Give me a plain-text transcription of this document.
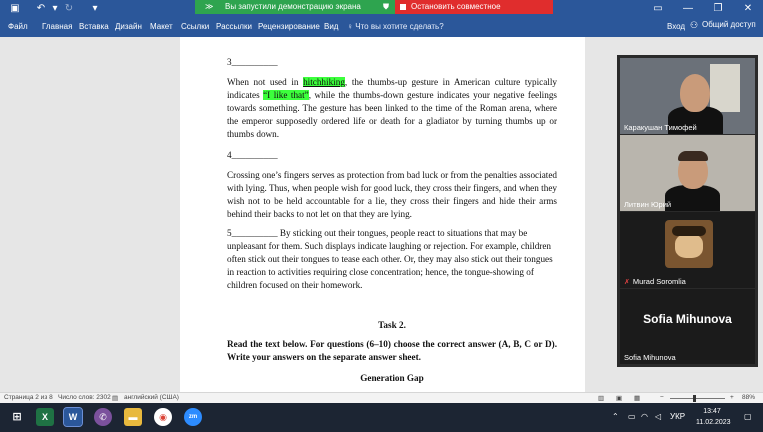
▣ ↶ ▾ ↻	▾	≫ Вы запустили демонстрацию экрана	⛊	Остановить совместное	▭	—	❐	✕
Файл Главная Вставка Дизайн Макет Ссылки Рассылки Рецензирование Вид ♀ Что вы хотите сделать?	Вход ⚇ Общий доступ
3__________
When not used in hitchhiking, the thumbs-up gesture in American culture typically indicates “I like that”, while the thumbs-down gesture indicates your negative feelings towards something. The gesture has been linked to the time of the Roman arena, where the emperor supposedly ordered life or death for a gladiator by turning thumbs up or thumbs down.
4__________
Crossing one’s fingers serves as protection from bad luck or from the penalties associated with lying. Thus, when people wish for good luck, they cross their fingers, and when they wish not to be held accountable for a lie, they cross their fingers and hide their arms behind their backs to not let on that they are lying.
5__________ By sticking out their tongues, people react to situations that may be unpleasant for them. Such displays indicate laughing or rejection. For example, children often stick out their tongues to tease each other. Or, they may also stick out their tongues in reaction to activities requiring close concentration; hence, the tongue-showing of children focused on their homework.
Task 2.
Read the text below. For questions (6–10) choose the correct answer (A, B, C or D). Write your answers on the separate answer sheet.
Generation Gap
Каракушан Тимофей
Литвин Юрий
✗ Murad Soromlia
Sofia Mihunova
Sofia Mihunova
Страница 2 из 8 Число слов: 2302 ▤ английский (США)	▥ ▣ ▦	−	+ 88%
⊞	X	W	✆	▬	◉	zm	⌃ ▭ ◠ ◁ УКР
13:47
11.02.2023
▢
